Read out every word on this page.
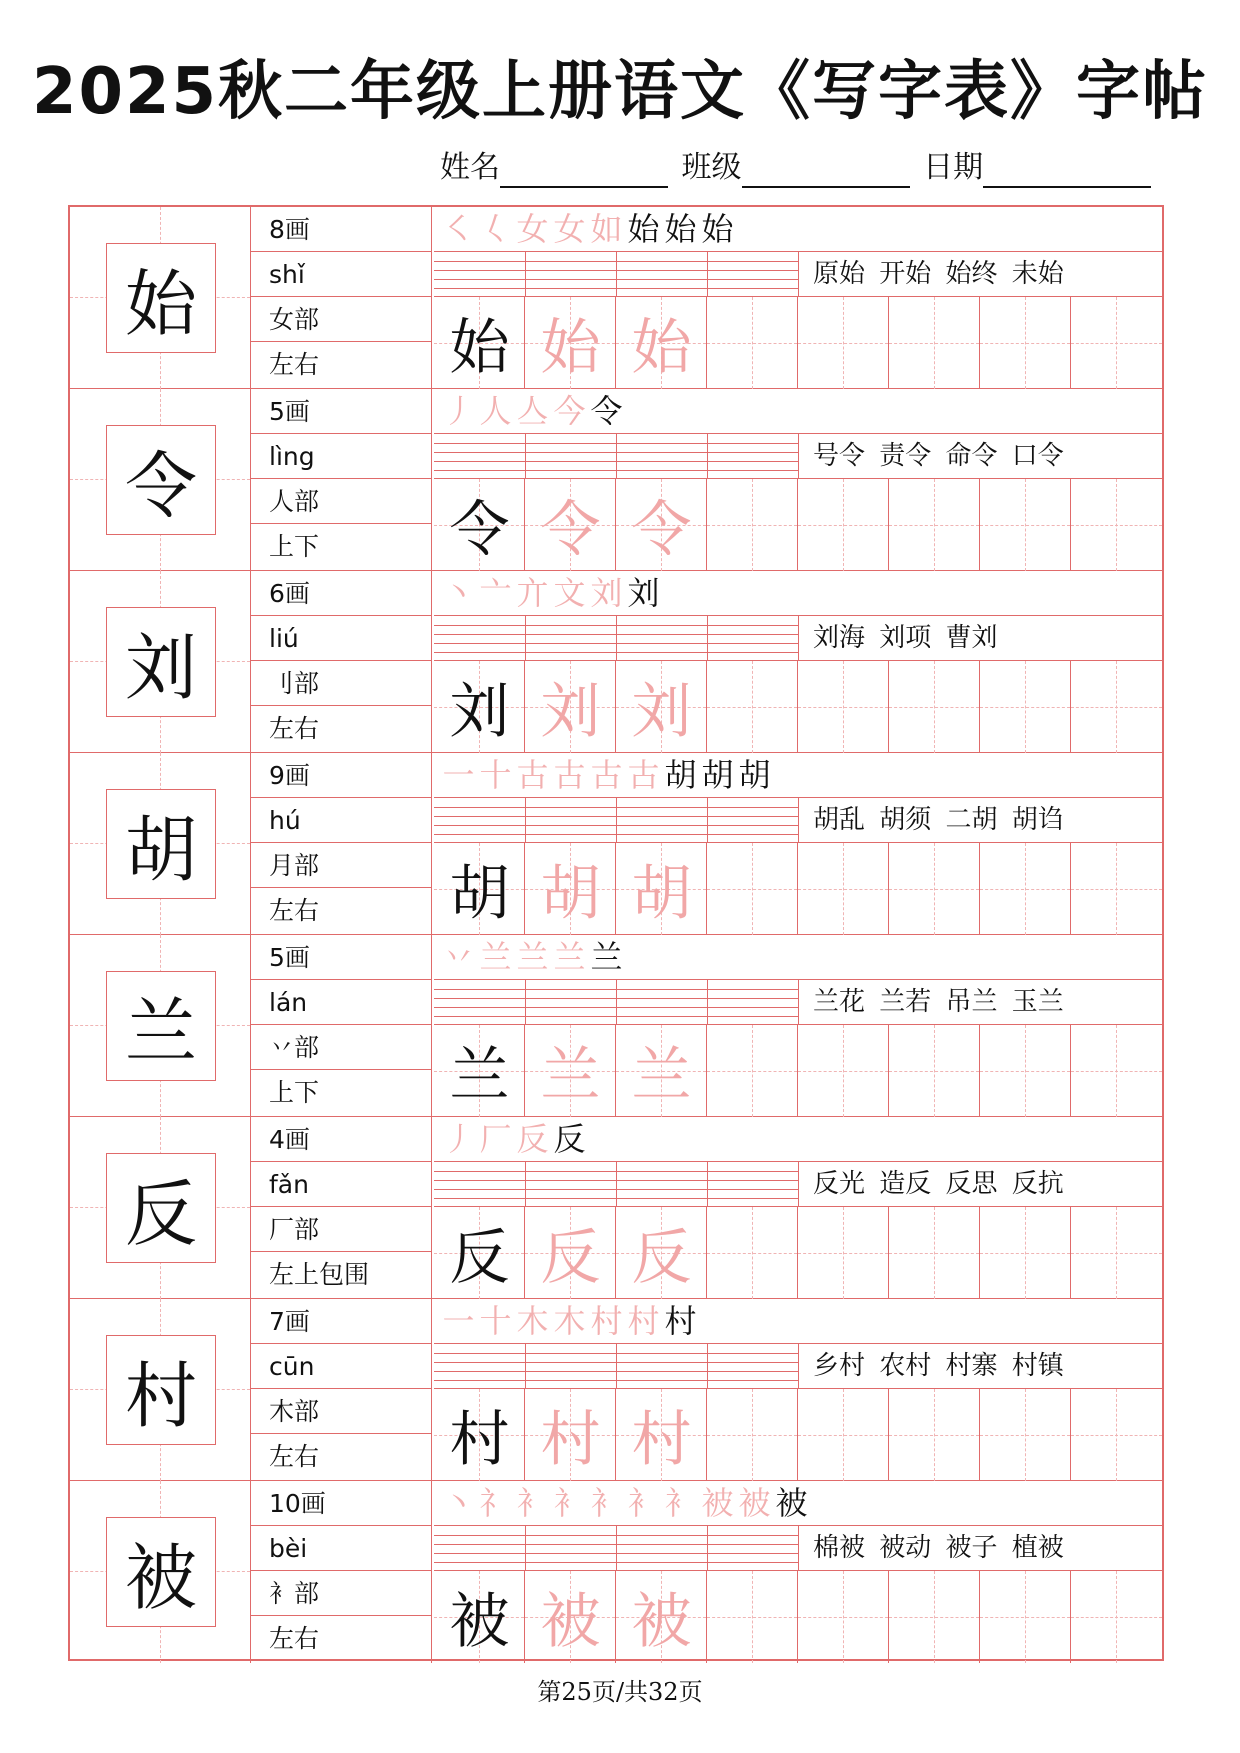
2025秋二年级上册语文《写字表》字帖
姓名	班级	日期
始
8画
shǐ
女部
左右
㇛ 𡿨 女 女 如 始 始 始
原始 开始 始终 未始
始 始 始
令
5画
lìng
人部
上下
丿 人 亼 今 令
号令 责令 命令 口令
令 令 令
刘
6画
liú
刂部
左右
丶 亠 亣 文 刘 刘
刘海 刘项 曹刘
刘 刘 刘
胡
9画
hú
月部
左右
一 十 古 古 古 古 胡 胡 胡
胡乱 胡须 二胡 胡诌
胡 胡 胡
兰
5画
lán
丷部
上下
丷 兰 兰 兰 兰
兰花 兰若 吊兰 玉兰
兰 兰 兰
反
4画
fǎn
厂部
左上包围
丿 厂 反 反
反光 造反 反思 反抗
反 反 反
村
7画
cūn
木部
左右
一 十 木 木 村 村 村
乡村 农村 村寨 村镇
村 村 村
被
10画
bèi
衤部
左右
丶 礻 衤 衤 衤 衤 衤 被 被 被
棉被 被动 被子 植被
被 被 被
第25页/共32页
